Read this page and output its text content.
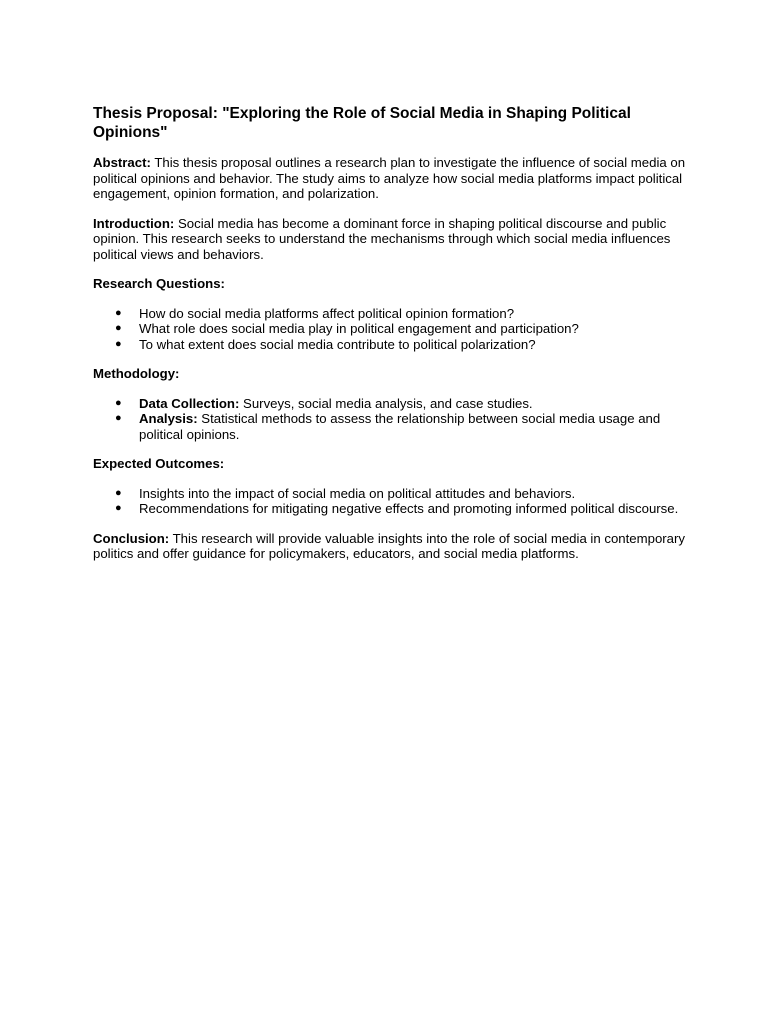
Thesis Proposal: "Exploring the Role of Social Media in Shaping Political Opinions"

Abstract: This thesis proposal outlines a research plan to investigate the influence of social media on political opinions and behavior. The study aims to analyze how social media platforms impact political engagement, opinion formation, and polarization.

Introduction: Social media has become a dominant force in shaping political discourse and public opinion. This research seeks to understand the mechanisms through which social media influences political views and behaviors.

Research Questions:
● How do social media platforms affect political opinion formation?
● What role does social media play in political engagement and participation?
● To what extent does social media contribute to political polarization?
Methodology:
● Data Collection: Surveys, social media analysis, and case studies.
● Analysis: Statistical methods to assess the relationship between social media usage and political opinions.
Expected Outcomes:
● Insights into the impact of social media on political attitudes and behaviors.
● Recommendations for mitigating negative effects and promoting informed political discourse.

Conclusion: This research will provide valuable insights into the role of social media in contemporary politics and offer guidance for policymakers, educators, and social media platforms.
